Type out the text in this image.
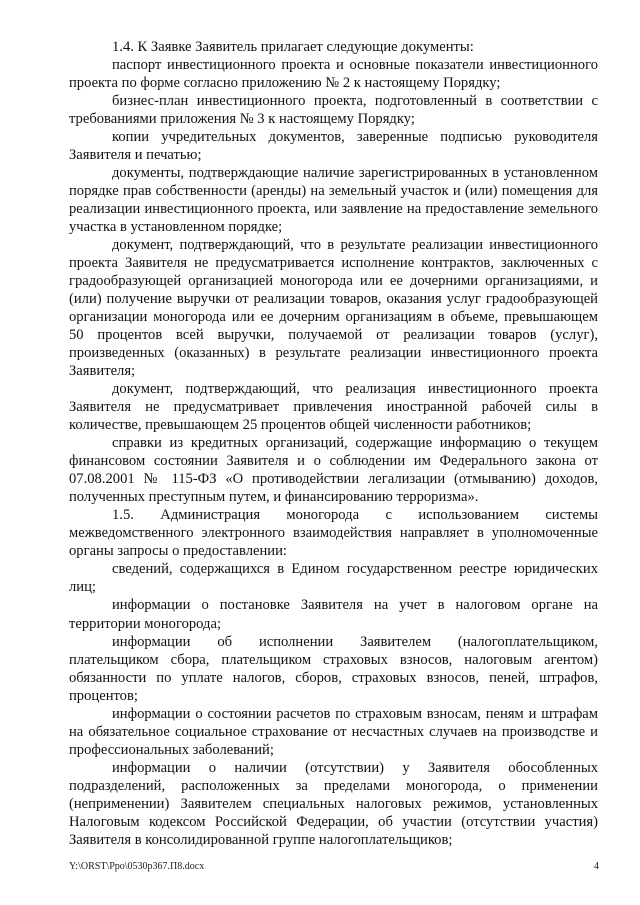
1.4. К Заявке Заявитель прилагает следующие документы:

паспорт инвестиционного проекта и основные показатели инвестиционного проекта по форме согласно приложению № 2 к настоящему Порядку;

бизнес-план инвестиционного проекта, подготовленный в соответствии с требованиями приложения № 3 к настоящему Порядку;

копии учредительных документов, заверенные подписью руководителя Заявителя и печатью;

документы, подтверждающие наличие зарегистрированных в установленном порядке прав собственности (аренды) на земельный участок и (или) помещения для реализации инвестиционного проекта, или заявление на предоставление земельного участка в установленном порядке;

документ, подтверждающий, что в результате реализации инвестиционного проекта Заявителя не предусматривается исполнение контрактов, заключенных с градообразующей организацией моногорода или ее дочерними организациями, и (или) получение выручки от реализации товаров, оказания услуг градообразующей организации моногорода или ее дочерним организациям в объеме, превышающем 50 процентов всей выручки, получаемой от реализации товаров (услуг), произведенных (оказанных) в результате реализации инвестиционного проекта Заявителя;

документ, подтверждающий, что реализация инвестиционного проекта Заявителя не предусматривает привлечения иностранной рабочей силы в количестве, превышающем 25 процентов общей численности работников;

справки из кредитных организаций, содержащие информацию о текущем финансовом состоянии Заявителя и о соблюдении им Федерального закона от 07.08.2001 № 115-ФЗ «О противодействии легализации (отмыванию) доходов, полученных преступным путем, и финансированию терроризма».

1.5. Администрация моногорода с использованием системы межведомственного электронного взаимодействия направляет в уполномоченные органы запросы о предоставлении:

сведений, содержащихся в Едином государственном реестре юридических лиц;

информации о постановке Заявителя на учет в налоговом органе на территории моногорода;

информации об исполнении Заявителем (налогоплательщиком, плательщиком сбора, плательщиком страховых взносов, налоговым агентом) обязанности по уплате налогов, сборов, страховых взносов, пеней, штрафов, процентов;

информации о состоянии расчетов по страховым взносам, пеням и штрафам на обязательное социальное страхование от несчастных случаев на производстве и профессиональных заболеваний;

информации о наличии (отсутствии) у Заявителя обособленных подразделений, расположенных за пределами моногорода, о применении (неприменении) Заявителем специальных налоговых режимов, установленных Налоговым кодексом Российской Федерации, об участии (отсутствии участия) Заявителя в консолидированной группе налогоплательщиков;

Y:\ORST\Ppo\0530p367.П8.docx	4
